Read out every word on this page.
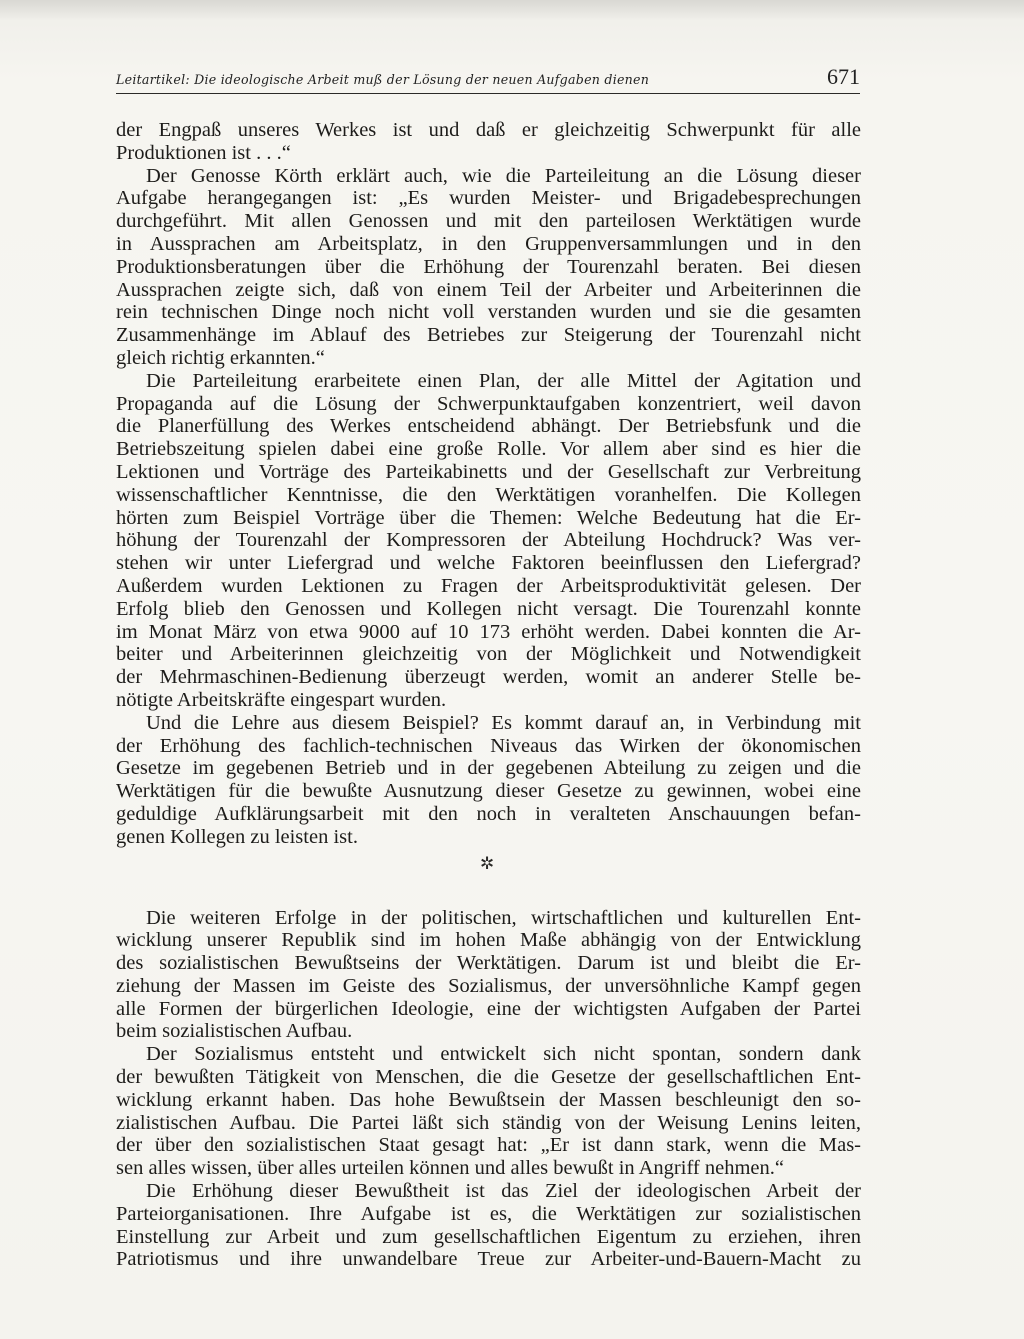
Leitartikel: Die ideologische Arbeit muß der Lösung der neuen Aufgaben dienen	671
der Engpaß unseres Werkes ist und daß er gleichzeitig Schwerpunkt für alle
Produktionen ist . . .“
Der Genosse Körth erklärt auch, wie die Parteileitung an die Lösung dieser
Aufgabe herangegangen ist: „Es wurden Meister- und Brigadebesprechungen
durchgeführt. Mit allen Genossen und mit den parteilosen Werktätigen wurde
in Aussprachen am Arbeitsplatz, in den Gruppenversammlungen und in den
Produktionsberatungen über die Erhöhung der Tourenzahl beraten. Bei diesen
Aussprachen zeigte sich, daß von einem Teil der Arbeiter und Arbeiterinnen die
rein technischen Dinge noch nicht voll verstanden wurden und sie die gesamten
Zusammenhänge im Ablauf des Betriebes zur Steigerung der Tourenzahl nicht
gleich richtig erkannten.“
Die Parteileitung erarbeitete einen Plan, der alle Mittel der Agitation und
Propaganda auf die Lösung der Schwerpunktaufgaben konzentriert, weil davon
die Planerfüllung des Werkes entscheidend abhängt. Der Betriebsfunk und die
Betriebszeitung spielen dabei eine große Rolle. Vor allem aber sind es hier die
Lektionen und Vorträge des Parteikabinetts und der Gesellschaft zur Verbreitung
wissenschaftlicher Kenntnisse, die den Werktätigen voranhelfen. Die Kollegen
hörten zum Beispiel Vorträge über die Themen: Welche Bedeutung hat die Er-
höhung der Tourenzahl der Kompressoren der Abteilung Hochdruck? Was ver-
stehen wir unter Liefergrad und welche Faktoren beeinflussen den Liefergrad?
Außerdem wurden Lektionen zu Fragen der Arbeitsproduktivität gelesen. Der
Erfolg blieb den Genossen und Kollegen nicht versagt. Die Tourenzahl konnte
im Monat März von etwa 9000 auf 10 173 erhöht werden. Dabei konnten die Ar-
beiter und Arbeiterinnen gleichzeitig von der Möglichkeit und Notwendigkeit
der Mehrmaschinen-Bedienung überzeugt werden, womit an anderer Stelle be-
nötigte Arbeitskräfte eingespart wurden.
Und die Lehre aus diesem Beispiel? Es kommt darauf an, in Verbindung mit
der Erhöhung des fachlich-technischen Niveaus das Wirken der ökonomischen
Gesetze im gegebenen Betrieb und in der gegebenen Abteilung zu zeigen und die
Werktätigen für die bewußte Ausnutzung dieser Gesetze zu gewinnen, wobei eine
geduldige Aufklärungsarbeit mit den noch in veralteten Anschauungen befan-
genen Kollegen zu leisten ist.
✲
Die weiteren Erfolge in der politischen, wirtschaftlichen und kulturellen Ent-
wicklung unserer Republik sind im hohen Maße abhängig von der Entwicklung
des sozialistischen Bewußtseins der Werktätigen. Darum ist und bleibt die Er-
ziehung der Massen im Geiste des Sozialismus, der unversöhnliche Kampf gegen
alle Formen der bürgerlichen Ideologie, eine der wichtigsten Aufgaben der Partei
beim sozialistischen Aufbau.
Der Sozialismus entsteht und entwickelt sich nicht spontan, sondern dank
der bewußten Tätigkeit von Menschen, die die Gesetze der gesellschaftlichen Ent-
wicklung erkannt haben. Das hohe Bewußtsein der Massen beschleunigt den so-
zialistischen Aufbau. Die Partei läßt sich ständig von der Weisung Lenins leiten,
der über den sozialistischen Staat gesagt hat: „Er ist dann stark, wenn die Mas-
sen alles wissen, über alles urteilen können und alles bewußt in Angriff nehmen.“
Die Erhöhung dieser Bewußtheit ist das Ziel der ideologischen Arbeit der
Parteiorganisationen. Ihre Aufgabe ist es, die Werktätigen zur sozialistischen
Einstellung zur Arbeit und zum gesellschaftlichen Eigentum zu erziehen, ihren
Patriotismus und ihre unwandelbare Treue zur Arbeiter-und-Bauern-Macht zu
